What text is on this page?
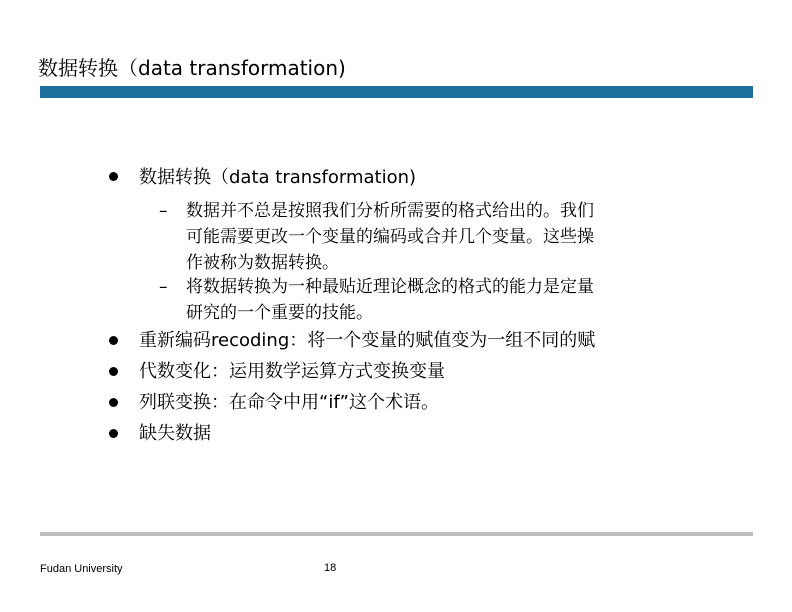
数据转换（data transformation)
数据转换（data transformation)
– 数据并不总是按照我们分析所需要的格式给出的。我们
可能需要更改一个变量的编码或合并几个变量。这些操
作被称为数据转换。
– 将数据转换为一种最贴近理论概念的格式的能力是定量
研究的一个重要的技能。
重新编码recoding：将一个变量的赋值变为一组不同的赋
代数变化：运用数学运算方式变换变量
列联变换：在命令中用“if”这个术语。
缺失数据
Fudan University	18
